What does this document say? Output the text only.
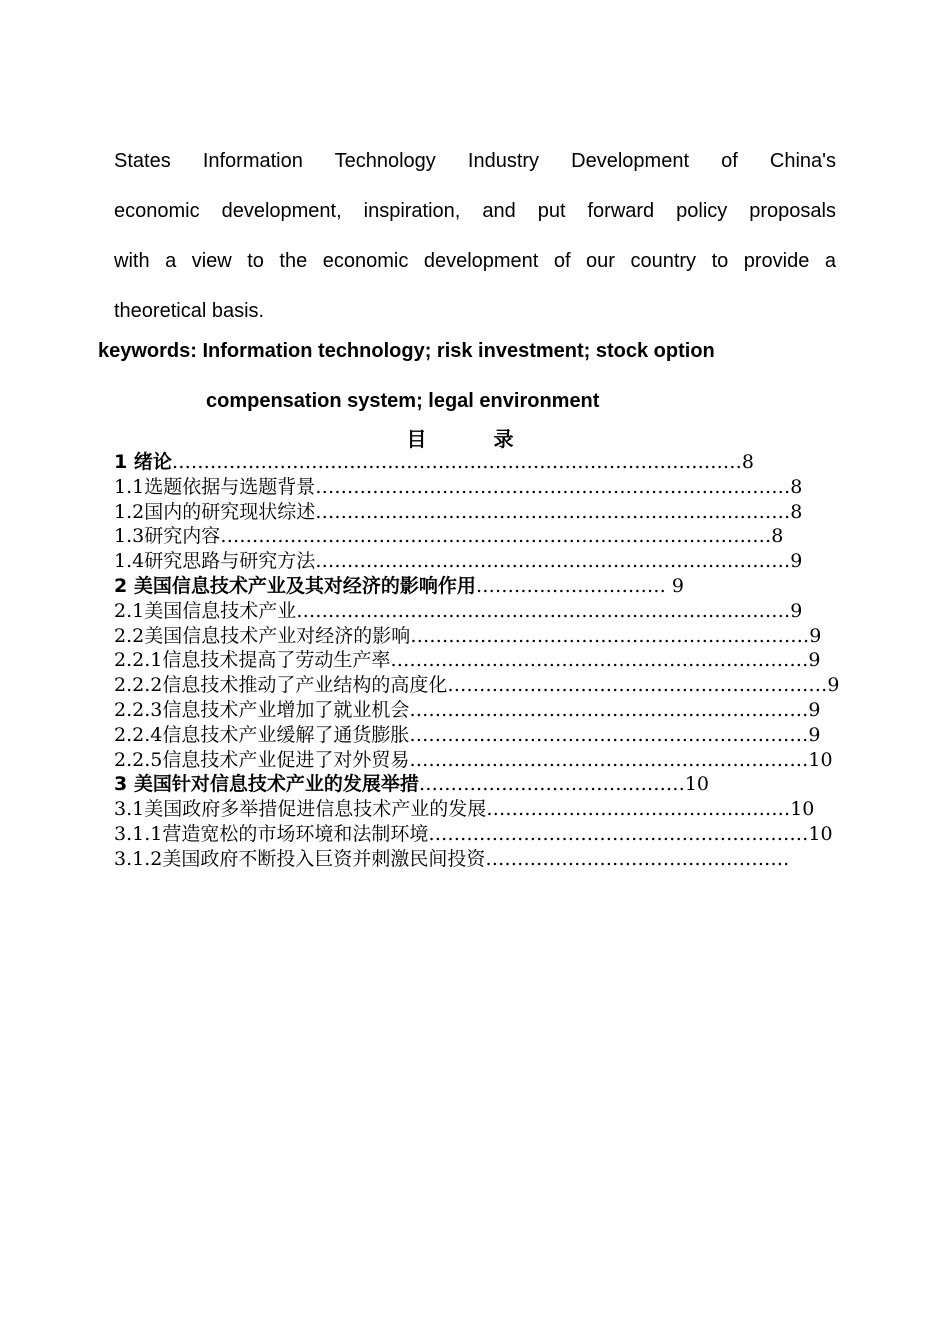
States Information Technology Industry Development of China's
economic development, inspiration, and put forward policy proposals
with a view to the economic development of our country to provide a
theoretical basis.
keywords: Information technology; risk investment; stock option
compensation system; legal environment
目 录
1 绪论………………………………………………………………………………8
1.1选题依据与选题背景…………………………………………………………………8
1.2国内的研究现状综述…………………………………………………………………8
1.3研究内容……………………………………………………………………………8
1.4研究思路与研究方法…………………………………………………………………9
2 美国信息技术产业及其对经济的影响作用………………………… 9
2.1美国信息技术产业……………………………………………………………………9
2.2美国信息技术产业对经济的影响………………………………………………………9
2.2.1信息技术提高了劳动生产率…………………………………………………………9
2.2.2信息技术推动了产业结构的高度化……………………………………………………9
2.2.3信息技术产业增加了就业机会………………………………………………………9
2.2.4信息技术产业缓解了通货膨胀………………………………………………………9
2.2.5信息技术产业促进了对外贸易………………………………………………………10
3 美国针对信息技术产业的发展举措……………………………………10
3.1美国政府多举措促进信息技术产业的发展…………………………………………10
3.1.1营造宽松的市场环境和法制环境……………………………………………………10
3.1.2美国政府不断投入巨资并刺激民间投资…………………………………………
